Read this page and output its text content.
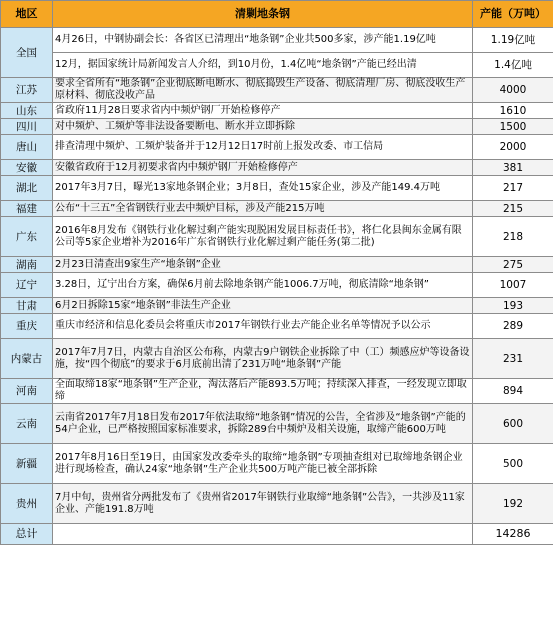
地区	清剿地条钢	产能（万吨）
全国	4月26日，中钢协副会长：各省区已清理出“地条钢”企业共500多家，涉产能1.19亿吨	1.19亿吨
	12月，据国家统计局新闻发言人介绍，到10月份，1.4亿吨“地条钢”产能已经出清	1.4亿吨
江苏	要求全省所有“地条钢”企业彻底断电断水、彻底捣毁生产设备、彻底清理厂房、彻底没收生产原材料、彻底没收产品	4000
山东	省政府11月28日要求省内中频炉钢厂开始检修停产	1610
四川	对中频炉、工频炉等非法设备要断电、断水并立即拆除	1500
唐山	排查清理中频炉、工频炉装备并于12月12日17时前上报发改委、市工信局	2000
安徽	安徽省政府于12月初要求省内中频炉钢厂开始检修停产	381
湖北	2017年3月7日，曝光13家地条钢企业；3月8日，查处15家企业，涉及产能149.4万吨	217
福建	公布“十三五”全省钢铁行业去中频炉目标，涉及产能215万吨	215
广东	2016年8月发布《钢铁行业化解过剩产能实现脱困发展目标责任书》，将仁化县闽东金属有限公司等5家企业增补为2016年广东省钢铁行业化解过剩产能任务(第二批)	218
湖南	2月23日清查出9家生产“地条钢”企业	275
辽宁	3.28日，辽宁出台方案，确保6月前去除地条钢产能1006.7万吨，彻底清除“地条钢”	1007
甘肃	6月2日拆除15家“地条钢”非法生产企业	193
重庆	重庆市经济和信息化委员会将重庆市2017年钢铁行业去产能企业名单等情况予以公示	289
内蒙古	2017年7月7日，内蒙古自治区公布称，内蒙古9户钢铁企业拆除了中（工）频感应炉等设备设施，按“四个彻底”的要求于6月底前出清了231万吨“地条钢”产能	231
河南	全面取缔18家“地条钢”生产企业，淘汰落后产能893.5万吨；持续深入排查，一经发现立即取缔	894
云南	云南省2017年7月18日发布2017年依法取缔“地条钢”情况的公告，全省涉及“地条钢”产能的54户企业，已严格按照国家标准要求，拆除289台中频炉及相关设施，取缔产能600万吨	600
新疆	2017年8月16日至19日，由国家发改委牵头的取缔“地条钢”专项抽查组对已取缔地条钢企业进行现场检查，确认24家“地条钢”生产企业共500万吨产能已被全部拆除	500
贵州	7月中旬，贵州省分两批发布了《贵州省2017年钢铁行业取缔“地条钢”公告》，一共涉及11家企业、产能191.8万吨	192
总计		14286
